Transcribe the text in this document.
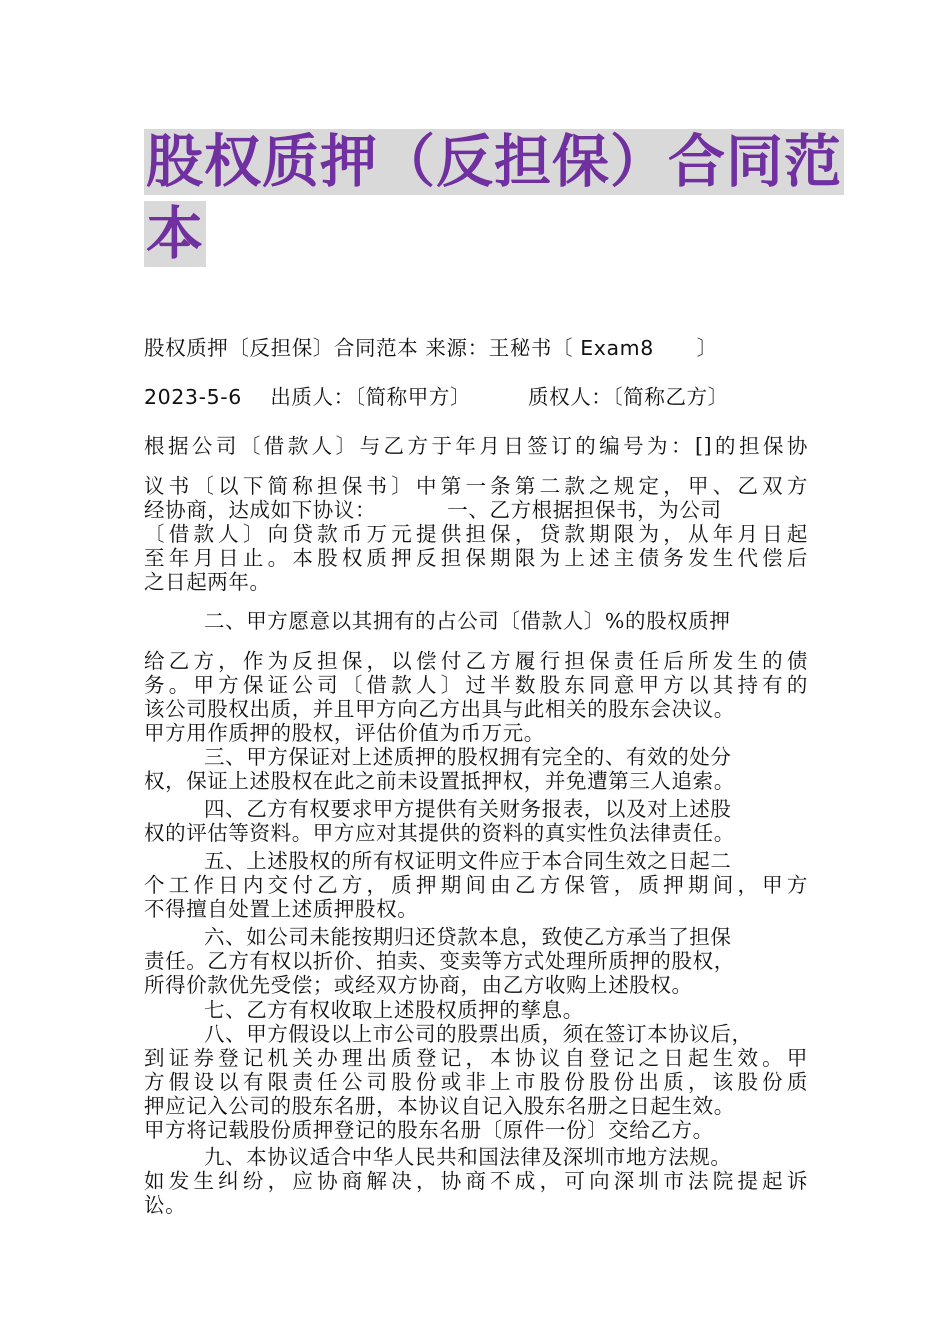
股权质押（反担保）合同范
本
股权质押〔反担保〕合同范本 来源：王秘书〔 Exam8      〕
2023-5-6    出质人：〔简称甲方〕        质权人：〔简称乙方〕
根据公司〔借款人〕与乙方于年月日签订的编号为：[]的担保协
议书〔以下简称担保书〕中第一条第二款之规定，甲、乙双方
经协商，达成如下协议：          一、乙方根据担保书，为公司
〔借款人〕向贷款币万元提供担保，贷款期限为，从年月日起
至年月日止。本股权质押反担保期限为上述主债务发生代偿后
之日起两年。
二、甲方愿意以其拥有的占公司〔借款人〕%的股权质押
给乙方，作为反担保，以偿付乙方履行担保责任后所发生的债
务。甲方保证公司〔借款人〕过半数股东同意甲方以其持有的
该公司股权出质，并且甲方向乙方出具与此相关的股东会决议。
甲方用作质押的股权，评估价值为币万元。
三、甲方保证对上述质押的股权拥有完全的、有效的处分
权，保证上述股权在此之前未设置抵押权，并免遭第三人追索。
四、乙方有权要求甲方提供有关财务报表，以及对上述股
权的评估等资料。甲方应对其提供的资料的真实性负法律责任。
五、上述股权的所有权证明文件应于本合同生效之日起二
个工作日内交付乙方，质押期间由乙方保管，质押期间，甲方
不得擅自处置上述质押股权。
六、如公司未能按期归还贷款本息，致使乙方承当了担保
责任。乙方有权以折价、拍卖、变卖等方式处理所质押的股权，
所得价款优先受偿；或经双方协商，由乙方收购上述股权。
七、乙方有权收取上述股权质押的孳息。
八、甲方假设以上市公司的股票出质，须在签订本协议后，
到证券登记机关办理出质登记，本协议自登记之日起生效。甲
方假设以有限责任公司股份或非上市股份股份出质，该股份质
押应记入公司的股东名册，本协议自记入股东名册之日起生效。
甲方将记载股份质押登记的股东名册〔原件一份〕交给乙方。
九、本协议适合中华人民共和国法律及深圳市地方法规。
如发生纠纷，应协商解决，协商不成，可向深圳市法院提起诉
讼。
